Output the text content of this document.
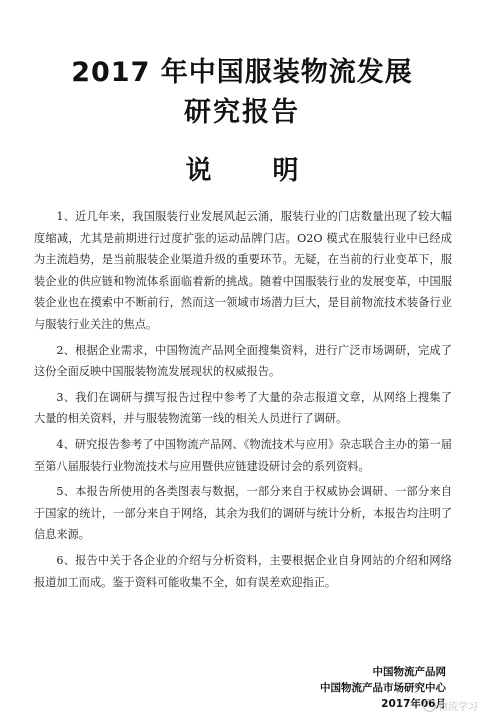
2017 年中国服装物流发展
研究报告
说 明

1、近几年来，我国服装行业发展风起云涌，服装行业的门店数量出现了较大幅度缩减，尤其是前期进行过度扩张的运动品牌门店。O2O 模式在服装行业中已经成为主流趋势，是当前服装企业渠道升级的重要环节。无疑，在当前的行业变革下，服装企业的供应链和物流体系面临着新的挑战。随着中国服装行业的发展变革，中国服装企业也在摸索中不断前行，然而这一领域市场潜力巨大，是目前物流技术装备行业与服装行业关注的焦点。

2、根据企业需求，中国物流产品网全面搜集资料，进行广泛市场调研，完成了这份全面反映中国服装物流发展现状的权威报告。

3、我们在调研与撰写报告过程中参考了大量的杂志报道文章，从网络上搜集了大量的相关资料，并与服装物流第一线的相关人员进行了调研。

4、研究报告参考了中国物流产品网、《物流技术与应用》杂志联合主办的第一届至第八届服装行业物流技术与应用暨供应链建设研讨会的系列资料。

5、本报告所使用的各类图表与数据，一部分来自于权威协会调研、一部分来自于国家的统计，一部分来自于网络，其余为我们的调研与统计分析，本报告均注明了信息来源。

6、报告中关于各企业的介绍与分析资料，主要根据企业自身网站的介绍和网络报道加工而成。鉴于资料可能收集不全，如有误差欢迎指正。

中国物流产品网
中国物流产品市场研究中心
2017年06月
物流学习
